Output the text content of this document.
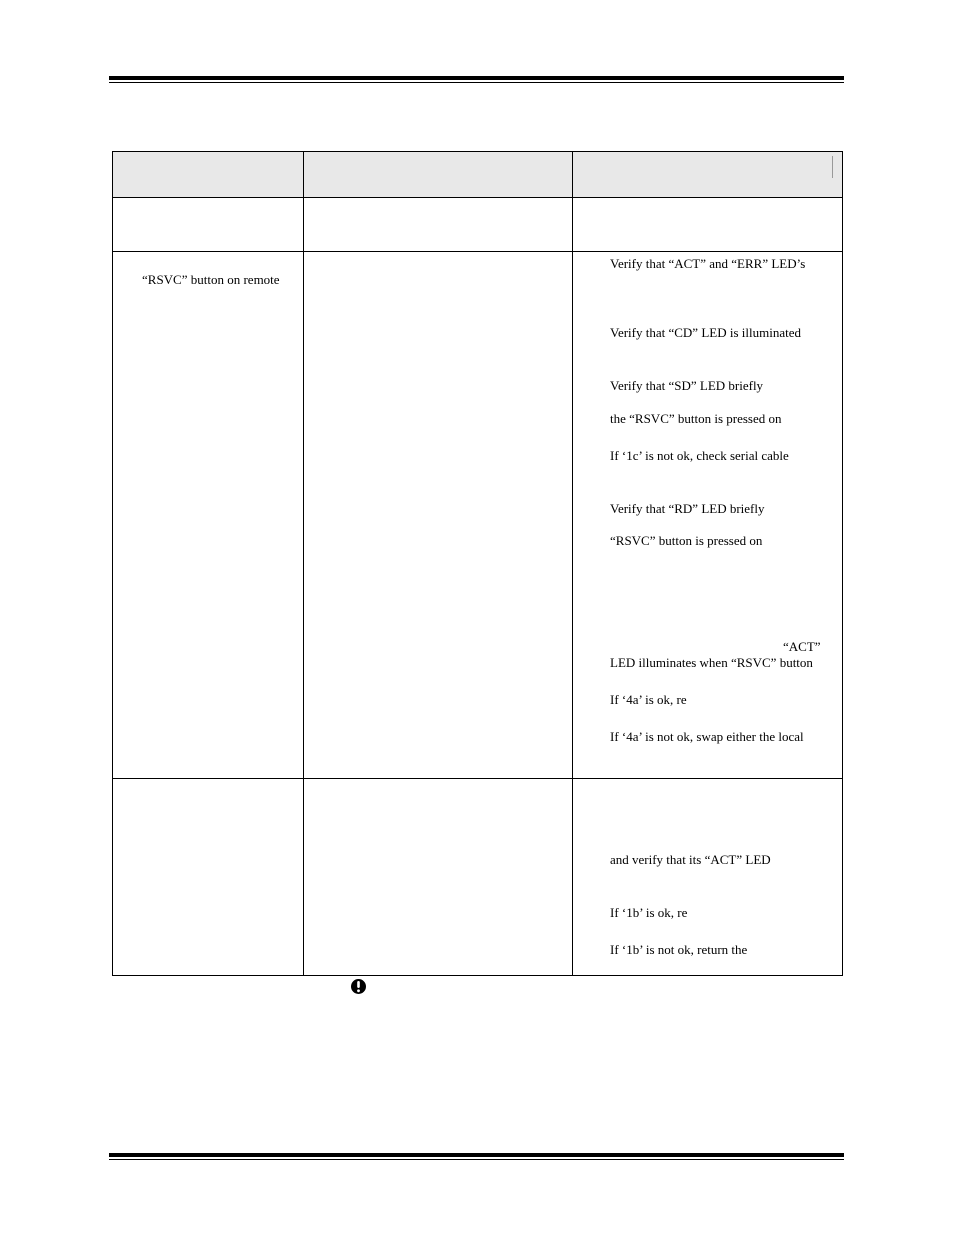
“RSVC” button on remote
Verify that “ACT” and “ERR” LED’s
Verify that “CD” LED is illuminated
Verify that “SD” LED briefly
the “RSVC” button is pressed on
If ‘1c’ is not ok, check serial cable
Verify that “RD” LED briefly
“RSVC” button is pressed on
“ACT”
LED illuminates when “RSVC” button
If ‘4a’ is ok, re
If ‘4a’ is not ok, swap either the local
and verify that its “ACT” LED
If ‘1b’ is ok, re
If ‘1b’ is not ok, return the
